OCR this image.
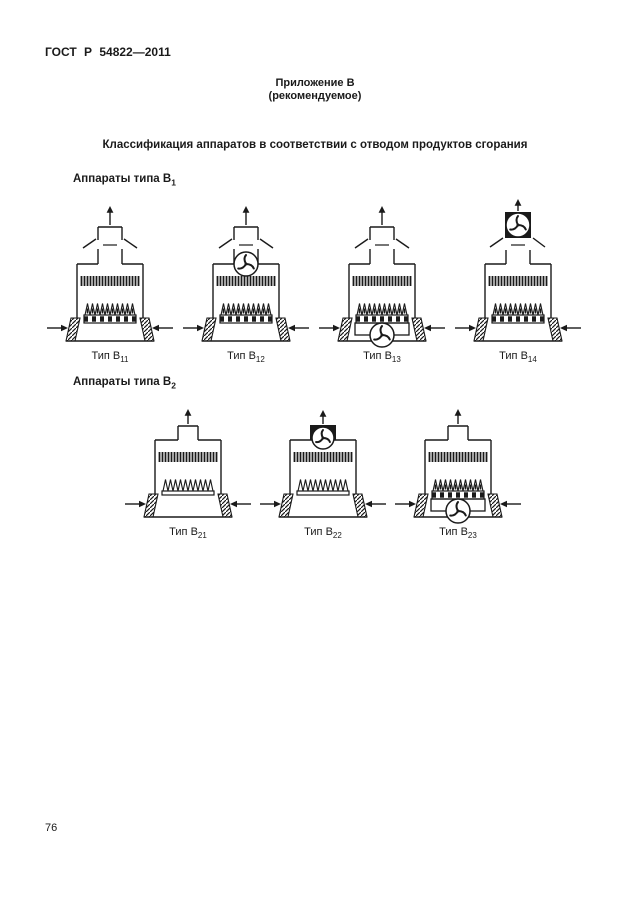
ГОСТ Р 54822—2011
Приложение В
(рекомендуемое)
Классификация аппаратов в соответствии с отводом продуктов сгорания
Аппараты типа $В_1$
Тип $В_{11}$	Тип $В_{12}$	Тип $В_{13}$	Тип $В_{14}$
Аппараты типа $В_2$
Тип $В_{21}$	Тип $В_{22}$	Тип $В_{23}$
76
